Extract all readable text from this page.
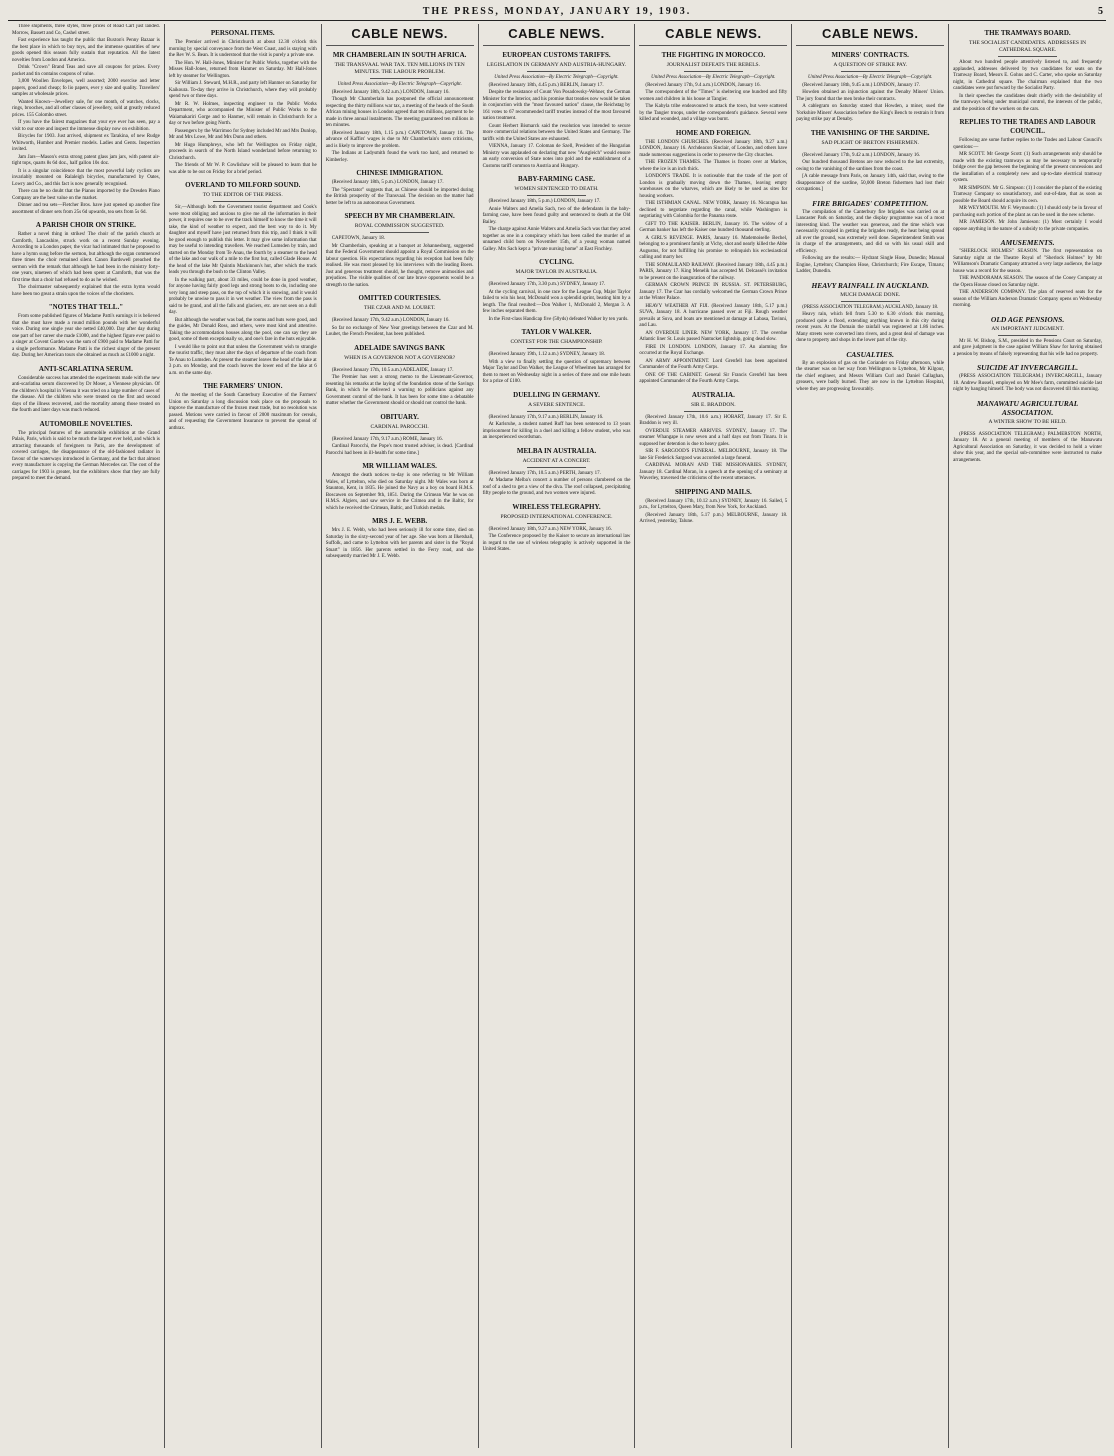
THE PRESS, MONDAY, JANUARY 19, 1903.	5

Three shipments, three styles, three prices of Road Cart just landed. Morrow, Bassett and Co, Cashel street.

Fast experience has taught the public that Buxton's Penny Bazaar is the best place in which to buy toys, and the immense quantities of new goods opened this season fully sustain that reputation. All the latest novelties from London and America.

Drink "Crown" Brand Teas and save all coupons for prizes. Every packet and tin contains coupons of value.

3,000 Woollen Envelopes, well assorted; 2000 exercise and letter papers, good and cheap; fo lio papers, ever y size and quality. Travellers' samples at wholesale prices.

Wanted Known—Jewellery sale, for one month, of watches, clocks, rings, brooches, and all other classes of jewellery, sold at greatly reduced prices. 155 Colombo street.

If you have the fairest magazines that your eye ever has seen, pay a visit to our store and inspect the immense display now on exhibition.

Bicycles for 1903. Just arrived, shipment ex Tarakina, of new Rudge Whitworth, Humber and Premier models. Ladies and Gents. Inspection invited.

Jam Jars—Mason's extra strong patent glass jam jars, with patent air-tight tops, quarts 8s 6d doz., half gallon 10s doz.

It is a singular coincidence that the most powerful lady cyclists are invariably mounted on Ralaleigh bicycles, manufactured by Oates, Lowry and Co., and this fact is now generally recognised.

There can be no doubt that the Pianos imported by the Dresden Piano Company are the best value on the market.

Dinner and tea sets—Fletcher Bros. have just opened up another fine assortment of dinner sets from 25s 6d upwards, tea sets from 5s 6d.

A PARISH CHOIR ON STRIKE.

Rather a novel thing in strikes! The choir of the parish church at Carnforth, Lancashire, struck work on a recent Sunday evening. According to a London paper, the vicar had intimated that he proposed to have a hymn sung before the sermon, but although the organ commenced three times the choir remained silent. Canon Bardswell preached the sermon with the remark that although he had been in the ministry forty-one years, nineteen of which had been spent at Carnforth, that was the first time that a choir had refused to do as he wished.

The choirmaster subsequently explained that the extra hymn would have been too great a strain upon the voices of the choristers.

"NOTES THAT TELL."

From some published figures of Madame Patti's earnings it is believed that she must have made a round million pounds with her wonderful voice. During one single year she netted £40,000. Day after day during one part of her career she made £1000, and the highest figure ever paid to a singer at Covent Garden was the sum of £900 paid to Madame Patti for a single performance. Madame Patti is the richest singer of the present day. During her American tours she obtained as much as £1000 a night.

ANTI-SCARLATINA SERUM.

Considerable success has attended the experiments made with the new anti-scarlatina serum discovered by Dr Moser, a Viennese physician. Of the children's hospital in Vienna it was tried on a large number of cases of the disease. All the children who were treated on the first and second days of the illness recovered, and the mortality among those treated on the fourth and later days was much reduced.

AUTOMOBILE NOVELTIES.

The principal features of the automobile exhibition at the Grand Palais, Paris, which is said to be much the largest ever held, and which is attracting thousands of foreigners to Paris, are the development of covered carriages, the disappearance of the old-fashioned radiator in favour of the waterways introduced in Germany, and the fact that almost every manufacturer is copying the German Mercedes car. The cost of the carriages for 1903 is greater, but the exhibitors show that they are fully prepared to meet the demand.

PERSONAL ITEMS.

The Premier arrived in Christchurch at about 12.30 o'clock this morning by special conveyance from the West Coast, and is staying with the Rev W. S. Bean. It is understood that the visit is purely a private one.

The Hon. W. Hall-Jones, Minister for Public Works, together with the Misses Hall-Jones, returned from Hanmer on Saturday. Mr Hall-Jones left by steamer for Wellington.

Sir William J. Steward, M.H.R., and party left Hanmer on Saturday for Kaikoura. To-day they arrive in Christchurch, where they will probably spend two or three days.

Mr R. W. Holmes, inspecting engineer to the Public Works Department, who accompanied the Minister of Public Works to the Waiamakariri Gorge and to Hanmer, will remain in Christchurch for a day or two before going North.

Passengers by the Warrimoo for Sydney included Mr and Mrs Dunlop, Mr and Mrs Lowe, Mr and Mrs Dunn and others.

Mr Hugo Humphreys, who left for Wellington on Friday night, proceeds in search of the North Island wonderland before returning to Christchurch.

The friends of Mr W. P. Cowlishaw will be pleased to learn that he was able to be out on Friday for a brief period.

OVERLAND TO MILFORD SOUND.
TO THE EDITOR OF THE PRESS.

Sir,—Although both the Government tourist department and Cook's were most obliging and anxious to give me all the information in their power, it requires one to be over the track himself to know the time it will take, the kind of weather to expect, and the best way to do it. My daughter and myself have just returned from this trip, and I think it will be good enough to publish this letter. It may give some information that may be useful to intending travellers. We reached Lumsden by train, and started on the Monday from Te Anau, the fourth by a steamer to the head of the lake and our walk of a mile to the first hut, called Glade House. At the head of the lake Mr Quintin Mackinnon's hut, after which the track leads you through the bush to the Clinton Valley.

In the walking part, about 33 miles, could be done in good weather, for anyone having fairly good legs and strong boots to do, including one very long and steep pass, on the top of which it is snowing, and it would probably be unwise to pass it in wet weather. The view from the pass is said to be grand, and all the falls and glaciers, etc. are not seen on a dull day.

But although the weather was bad, the rooms and huts were good, and the guides, Mr Donald Ross, and others, were most kind and attentive. Taking the accommodation houses along the pool, one can say they are good, some of them exceptionally so, and one's fare in the huts enjoyable.

I would like to point out that unless the Government wish to strangle the tourist traffic, they must alter the days of departure of the coach from Te Anau to Lumsden. At present the steamer leaves the head of the lake at 3 p.m. on Monday, and the coach leaves the lower end of the lake at 6 a.m. on the same day.

THE FARMERS' UNION.

At the meeting of the South Canterbury Executive of the Farmers' Union on Saturday a long discussion took place on the proposals to improve the manufacture of the frozen meat trade, but no resolution was passed. Motions were carried in favour of 2000 maximum for cereals, and of requesting the Government Insurance to prevent the spread of anthrax.

CABLE NEWS.
MR CHAMBERLAIN IN SOUTH AFRICA.
THE TRANSVAAL WAR TAX. TEN MILLIONS IN TEN MINUTES. THE LABOUR PROBLEM.

United Press Association—By Electric Telegraph—Copyright.

(Received January 18th, 9.42 a.m.) LONDON, January 16.

Though Mr Chamberlain has postponed the official announcement respecting the thirty millions war tax, a meeting of the heads of the South African mining houses in London agreed that ten millions, payment to be made in three annual instalments. The meeting guaranteed ten millions in ten minutes.

(Received January 18th, 1.15 p.m.) CAPETOWN, January 16. The advance of Kaffirs' wages is due to Mr Chamberlain's stern criticisms, and is likely to improve the problem.

The Indians at Ladysmith found the work too hard, and returned to Kimberley.

CHINESE IMMIGRATION.

(Received January 18th, 5 p.m.) LONDON, January 17.

The "Spectator" suggests that, as Chinese should be imported during the British prosperity of the Transvaal. The decision on the matter had better be left to an autonomous Government.

SPEECH BY MR CHAMBERLAIN.
ROYAL COMMISSION SUGGESTED.

CAPETOWN, January 18.

Mr Chamberlain, speaking at a banquet at Johannesburg, suggested that the Federal Government should appoint a Royal Commission on the labour question. His expectations regarding his reception had been fully realised. He was most pleased by his interviews with the leading Boers. Just and generous treatment should, he thought, remove animosities and prejudices. The visible qualities of our late brave opponents would be a strength to the nation.

OMITTED COURTESIES.
THE CZAR AND M. LOUBET.

(Received January 17th, 9.42 a.m.) LONDON, January 16.

So far no exchange of New Year greetings between the Czar and M. Loubet, the French President, has been published.

ADELAIDE SAVINGS BANK
WHEN IS A GOVERNOR NOT A GOVERNOR?

(Received January 17th, 10.5 a.m.) ADELAIDE, January 17.

The Premier has sent a strong memo to the Lieutenant-Governor, resenting his remarks at the laying of the foundation stone of the Savings Bank, in which he delivered a warning to politicians against any Government control of the bank. It has been for some time a debatable matter whether the Government should or should not control the bank.

OBITUARY.
CARDINAL PAROCCHI.

(Received January 17th, 9.17 a.m.) ROME, January 16.

Cardinal Parocchi, the Pope's most trusted adviser, is dead. [Cardinal Parocchi had been in ill-health for some time.]

MR WILLIAM WALES.

Amongst the death notices to-day is one referring to Mr William Wales, of Lyttelton, who died on Saturday night. Mr Wales was born at Staunton, Kent, in 1835. He joined the Navy as a boy on board H.M.S. Boscawen on September 9th, 1851. During the Crimean War he was on H.M.S. Algiers, and saw service in the Crimea and in the Baltic, for which he received the Crimean, Baltic, and Turkish medals.

MRS J. E. WEBB.

Mrs J. E. Webb, who had been seriously ill for some time, died on Saturday in the sixty-second year of her age. She was born at Ilketshall, Suffolk, and came to Lyttelton with her parents and sister in the "Royal Stuart" in 1856. Her parents settled in the Ferry road, and she subsequently married Mr J. E. Webb.

CABLE NEWS.
EUROPEAN CUSTOMS TARIFFS.
LEGISLATION IN GERMANY AND AUSTRIA-HUNGARY.

United Press Association—By Electric Telegraph—Copyright.

(Received January 18th, 4.45 p.m.) BERLIN, January 17.

Despite the resistance of Count Von Posadowsky-Wehner, the German Minister for the Interior, and his promise that treaties now would be taken in conjunction with the "most favoured nation" clause, the Reichstag by 161 votes to 67 recommended tariff treaties instead of the most favoured nation treatment.

Count Herbert Bismarck said the resolution was intended to secure more commercial relations between the United States and Germany. The tariffs with the United States are exhausted.

VIENNA, January 17. Coloman de Szell, President of the Hungarian Ministry was applauded on declaring that new "Ausgleich" would ensure an early conversion of State notes into gold and the establishment of a Customs tariff common to Austria and Hungary.

BABY-FARMING CASE.
WOMEN SENTENCED TO DEATH.

(Received January 18th, 5 p.m.) LONDON, January 17.

Annie Walters and Amelia Sach, two of the defendants in the baby-farming case, have been found guilty and sentenced to death at the Old Bailey.

The charge against Annie Walters and Amelia Sach was that they acted together as one in a conspiracy which has been called the murder of an unnamed child born on November 15th, of a young woman named Galley. Mrs Sach kept a "private nursing home" at East Finchley.

CYCLING.
MAJOR TAYLOR IN AUSTRALIA.

(Received January 17th, 3.30 p.m.) SYDNEY, January 17.

At the cycling carnival, in one race for the League Cup, Major Taylor failed to win his heat, McDonald won a splendid sprint, beating him by a length. The final resulted:—Don Walker 1, McDonald 2, Morgan 3. A few inches separated them.

In the First-class Handicap five (50yds) defeated Walker by ten yards.

TAYLOR V WALKER.
CONTEST FOR THE CHAMPIONSHIP.

(Received January 19th, 1.12 a.m.) SYDNEY, January 18.

With a view to finally settling the question of supremacy between Major Taylor and Don Walker, the League of Wheelmen has arranged for them to meet on Wednesday night in a series of three and one mile heats for a prize of £100.

DUELLING IN GERMANY.
A SEVERE SENTENCE.

(Received January 17th, 9.17 a.m.) BERLIN, January 16.

At Karlsruhe, a student named Ruff has been sentenced to 13 years imprisonment for killing in a duel and killing a fellow student, who was an inexperienced swordsman.

MELBA IN AUSTRALIA.
ACCIDENT AT A CONCERT.

(Received January 17th, 10.5 a.m.) PERTH, January 17.

At Madame Melba's concert a number of persons clambered on the roof of a shed to get a view of the diva. The roof collapsed, precipitating fifty people to the ground, and two women were injured.

WIRELESS TELEGRAPHY.
PROPOSED INTERNATIONAL CONFERENCE.

(Received January 18th, 9.27 a.m.) NEW YORK, January 16.

The Conference proposed by the Kaiser to secure an international law in regard to the use of wireless telegraphy is actively supported in the United States.

CABLE NEWS.
THE FIGHTING IN MOROCCO.
JOURNALIST DEFEATS THE REBELS.

United Press Association—By Electric Telegraph—Copyright.

(Received January 17th, 9.4 a.m.) LONDON, January 16.

The correspondent of the "Times" is sheltering one hundred and fifty women and children in his house at Tangier.

The Kabyla tribe endeavoured to attack the town, but were scattered by the Tangier troops, under the correspondent's guidance. Several were killed and wounded, and a village was burnt.

HOME AND FOREIGN.

THE LONDON CHURCHES. (Received January 18th, 9.27 a.m.) LONDON, January 16. Archdeacon Sinclair, of London, and others have made numerous suggestions in order to preserve the City churches.

THE FROZEN THAMES. The Thames is frozen over at Marlow, where the ice is an inch thick.

LONDON'S TRADE. It is noticeable that the trade of the port of London is gradually moving down the Thames, leaving empty warehouses on the wharves, which are likely to be used as sites for housing workers.

THE ISTHMIAN CANAL. NEW YORK, January 16. Nicaragua has declined to negotiate regarding the canal, while Washington is negotiating with Colombia for the Panama route.

GIFT TO THE KAISER. BERLIN, January 16. The widow of a German banker has left the Kaiser one hundred thousand sterling.

A GIRL'S REVENGE. PARIS, January 16. Mademoiselle Bechel, belonging to a prominent family at Vichy, shot and nearly killed the Abbe Augustus, for not fulfilling his promise to relinquish his ecclesiastical calling and marry her.

THE SOMALILAND RAILWAY. (Received January 18th, 4.45 p.m.) PARIS, January 17. King Menelik has accepted M. Delcassé's invitation to be present on the inauguration of the railway.

GERMAN CROWN PRINCE IN RUSSIA. ST. PETERSBURG, January 17. The Czar has cordially welcomed the German Crown Prince at the Winter Palace.

HEAVY WEATHER AT FIJI. (Received January 18th, 5.17 p.m.) SUVA, January 18. A hurricane passed over at Fiji. Rough weather prevails at Suva, and boats are mentioned at damage at Labasa, Tavinni, and Lau.

AN OVERDUE LINER. NEW YORK, January 17. The overdue Atlantic liner St. Louis passed Nantucket lightship, going dead slow.

FIRE IN LONDON. LONDON, January 17. An alarming fire occurred at the Royal Exchange.

AN ARMY APPOINTMENT. Lord Grenfell has been appointed Commander of the Fourth Army Corps.

ONE OF THE CABINET. General Sir Francis Grenfell has been appointed Commander of the Fourth Army Corps.

AUSTRALIA.
SIR E. BRADDON.

(Received January 17th, 10.6 a.m.) HOBART, January 17. Sir E. Braddon is very ill.

OVERDUE STEAMER ARRIVES. SYDNEY, January 17. The steamer Whangape is now seven and a half days out from Tinaru. It is supposed her detention is due to heavy gales.

SIR F. SARGOOD'S FUNERAL. MELBOURNE, January 18. The late Sir Frederick Sargood was accorded a large funeral.

CARDINAL MORAN AND THE MISSIONARIES. SYDNEY, January 18. Cardinal Moran, in a speech at the opening of a seminary at Waverley, traversed the criticisms of the recent utterances.

SHIPPING AND MAILS.

(Received January 17th, 10.12 a.m.) SYDNEY, January 16. Sailed, 5 p.m., for Lyttelton, Queen Mary, from New York, for Auckland.

(Received January 18th, 5.17 p.m.) MELBOURNE, January 18. Arrived, yesterday, Talune.

CABLE NEWS.
MINERS' CONTRACTS.
A QUESTION OF STRIKE PAY.

United Press Association—By Electric Telegraph—Copyright.

(Received January 18th, 9.45 a.m.) LONDON, January 17.

Howden obtained an injunction against the Denaby Miners' Union. The jury found that the men broke their contracts.

A cablegram on Saturday stated that Howden, a miner, sued the Yorkshire Miners' Association before the King's Bench to restrain it from paying strike pay at Denaby.

THE VANISHING OF THE SARDINE.
SAD PLIGHT OF BRETON FISHERMEN.

(Received January 17th, 9.42 a.m.) LONDON, January 16.

Our hundred thousand Bretons are now reduced to the last extremity, owing to the vanishing of the sardines from the coast.

[A cable message from Paris, on January 14th, said that, owing to the disappearance of the sardine, 50,000 Breton fishermen had lost their occupations.]

FIRE BRIGADES' COMPETITION.

The compilation of the Canterbury fire brigades was carried on at Lancaster Park on Saturday, and the display programme was of a most interesting kind. The weather was generous, and the time which was necessarily occupied in getting the brigades ready, the heat being spread all over the ground, was extremely well done. Superintendent Smith was in charge of the arrangements, and did so with his usual skill and efficiency.

Following are the results:— Hydrant Single Hose, Dunedin; Manual Engine, Lyttelton; Champion Hose, Christchurch; Fire Escape, Timaru; Ladder, Dunedin.

HEAVY RAINFALL IN AUCKLAND.
MUCH DAMAGE DONE.

(PRESS ASSOCIATION TELEGRAM.) AUCKLAND, January 18.

Heavy rain, which fell from 5.30 to 6.30 o'clock this morning, produced quite a flood, extending anything known in this city during recent years. At the Domain the rainfall was registered at 1.86 inches. Many streets were converted into rivers, and a great deal of damage was done to property and shops in the lower part of the city.

CASUALTIES.

By an explosion of gas on the Coriander on Friday afternoon, while the steamer was on her way from Wellington to Lyttelton, Mr Kilgour, the chief engineer, and Messrs William Curl and Daniel Callaghan, greasers, were badly burned. They are now in the Lyttelton Hospital, where they are progressing favourably.

THE TRAMWAYS BOARD.
THE SOCIALIST CANDIDATES. ADDRESSES IN CATHEDRAL SQUARE.

About two hundred people attentively listened to, and frequently applauded, addresses delivered by two candidates for seats on the Tramway Board, Messrs E. Gohns and C. Carter, who spoke on Saturday night, in Cathedral square. The chairman explained that the two candidates were put forward by the Socialist Party.

In their speeches the candidates dealt chiefly with the desirability of the tramways being under municipal control, the interests of the public, and the position of the workers on the cars.

REPLIES TO THE TRADES AND LABOUR COUNCIL.

Following are some further replies to the Trades and Labour Council's questions:—

MR SCOTT. Mr George Scott: (1) Such arrangements only should be made with the existing tramways as may be necessary to temporarily bridge over the gap between the beginning of the present concessions and the installation of a completely new and up-to-date electrical tramway system.

MR SIMPSON. Mr G. Simpson: (1) I consider the plant of the existing Tramway Company so unsatisfactory, and out-of-date, that as soon as possible the Board should acquire its own.

MR WEYMOUTH. Mr F. Weymouth: (1) I should only be in favour of purchasing such portion of the plant as can be used in the new scheme.

MR JAMIESON. Mr John Jamieson: (1) Most certainly I would oppose anything in the nature of a subsidy to the private companies.

AMUSEMENTS.

"SHERLOCK HOLMES" SEASON. The first representation on Saturday night at the Theatre Royal of "Sherlock Holmes" by Mr Williamson's Dramatic Company attracted a very large audience, the large house was a record for the season.

THE PANDORAMA SEASON. The season of the Cooey Company at the Opera House closed on Saturday night.

THE ANDERSON COMPANY. The plan of reserved seats for the season of the William Anderson Dramatic Company opens on Wednesday morning.

OLD AGE PENSIONS.
AN IMPORTANT JUDGMENT.

Mr H. W. Bishop, S.M., presided in the Pensions Court on Saturday, and gave judgment in the case against William Shaw for having obtained a pension by means of falsely representing that his wife had no property.

SUICIDE AT INVERCARGILL.

(PRESS ASSOCIATION TELEGRAM.) INVERCARGILL, January 18. Andrew Russell, employed on Mr Mee's farm, committed suicide last night by hanging himself. The body was not discovered till this morning.

MANAWATU AGRICULTURAL ASSOCIATION.
A WINTER SHOW TO BE HELD.

(PRESS ASSOCIATION TELEGRAM.) PALMERSTON NORTH, January 18. At a general meeting of members of the Manawatu Agricultural Association on Saturday, it was decided to hold a winter show this year, and the special sub-committee were instructed to make arrangements.
